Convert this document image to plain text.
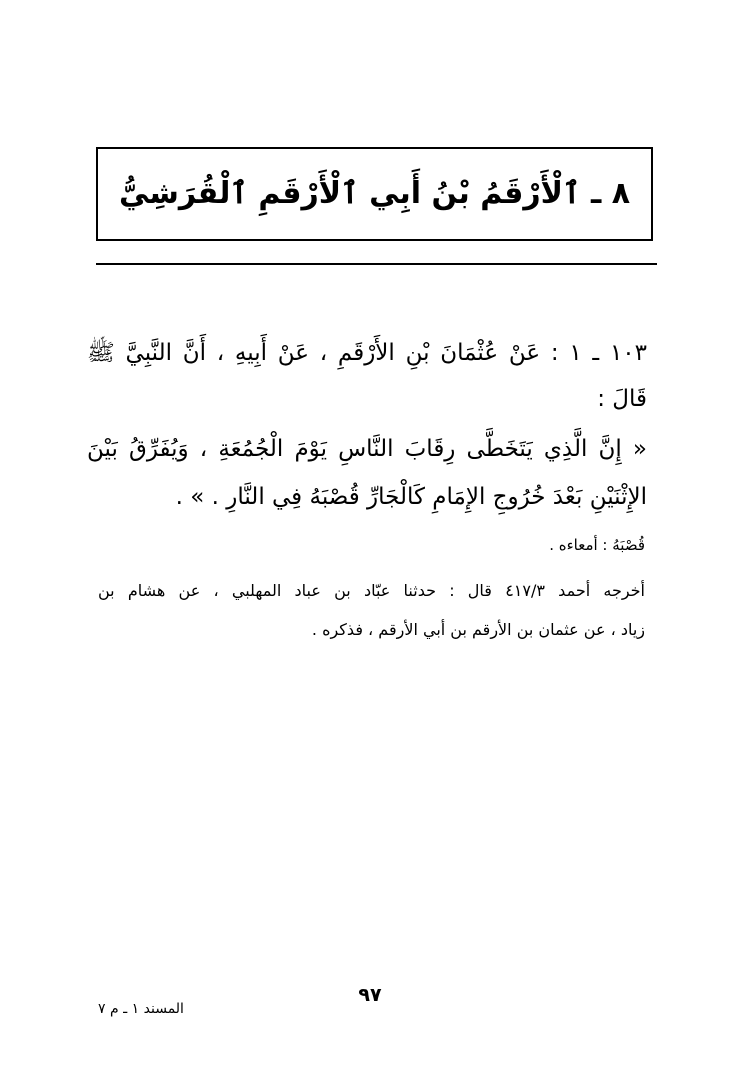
٨ ـ ٱلْأَرْقَمُ بْنُ أَبِي ٱلْأَرْقَمِ ٱلْقُرَشِيُّ
١٠٣ ـ ١ : عَنْ عُثْمَانَ بْنِ الأَرْقَمِ ، عَنْ أَبِيهِ ، أَنَّ النَّبِيَّ ﷺ
قَالَ :
« إِنَّ الَّذِي يَتَخَطَّى رِقَابَ النَّاسِ يَوْمَ الْجُمُعَةِ ، وَيُفَرِّقُ بَيْنَ
الإِثْنَيْنِ بَعْدَ خُرُوجِ الإِمَامِ كَالْجَارِّ قُصْبَهُ فِي النَّارِ . » .
قُصْبَهُ : أمعاءه .
أخرجه أحمد ٤١٧/٣ قال : حدثنا عبّاد بن عباد المهلبي ، عن هشام بن
زياد ، عن عثمان بن الأرقم بن أبي الأرقم ، فذكره .
٩٧
المسند ١ ـ م ٧
